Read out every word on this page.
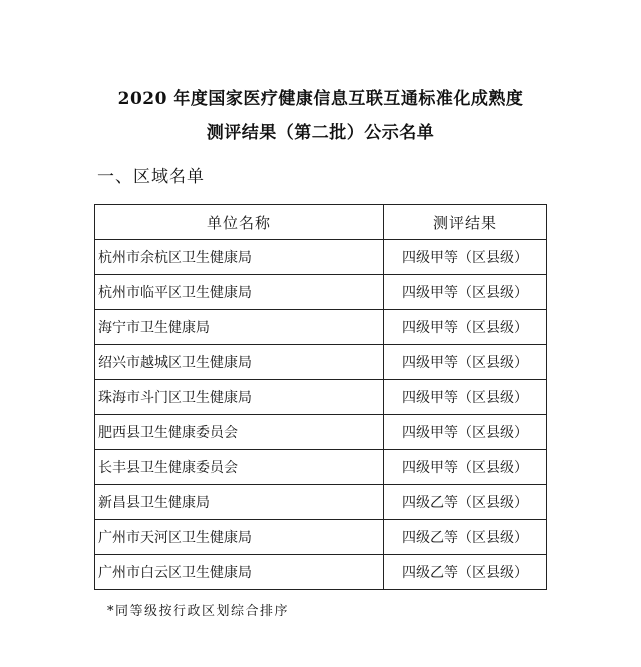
2020 年度国家医疗健康信息互联互通标准化成熟度
测评结果（第二批）公示名单
一、区域名单
单位名称	测评结果
杭州市余杭区卫生健康局	四级甲等（区县级）
杭州市临平区卫生健康局	四级甲等（区县级）
海宁市卫生健康局	四级甲等（区县级）
绍兴市越城区卫生健康局	四级甲等（区县级）
珠海市斗门区卫生健康局	四级甲等（区县级）
肥西县卫生健康委员会	四级甲等（区县级）
长丰县卫生健康委员会	四级甲等（区县级）
新昌县卫生健康局	四级乙等（区县级）
广州市天河区卫生健康局	四级乙等（区县级）
广州市白云区卫生健康局	四级乙等（区县级）
*同等级按行政区划综合排序
